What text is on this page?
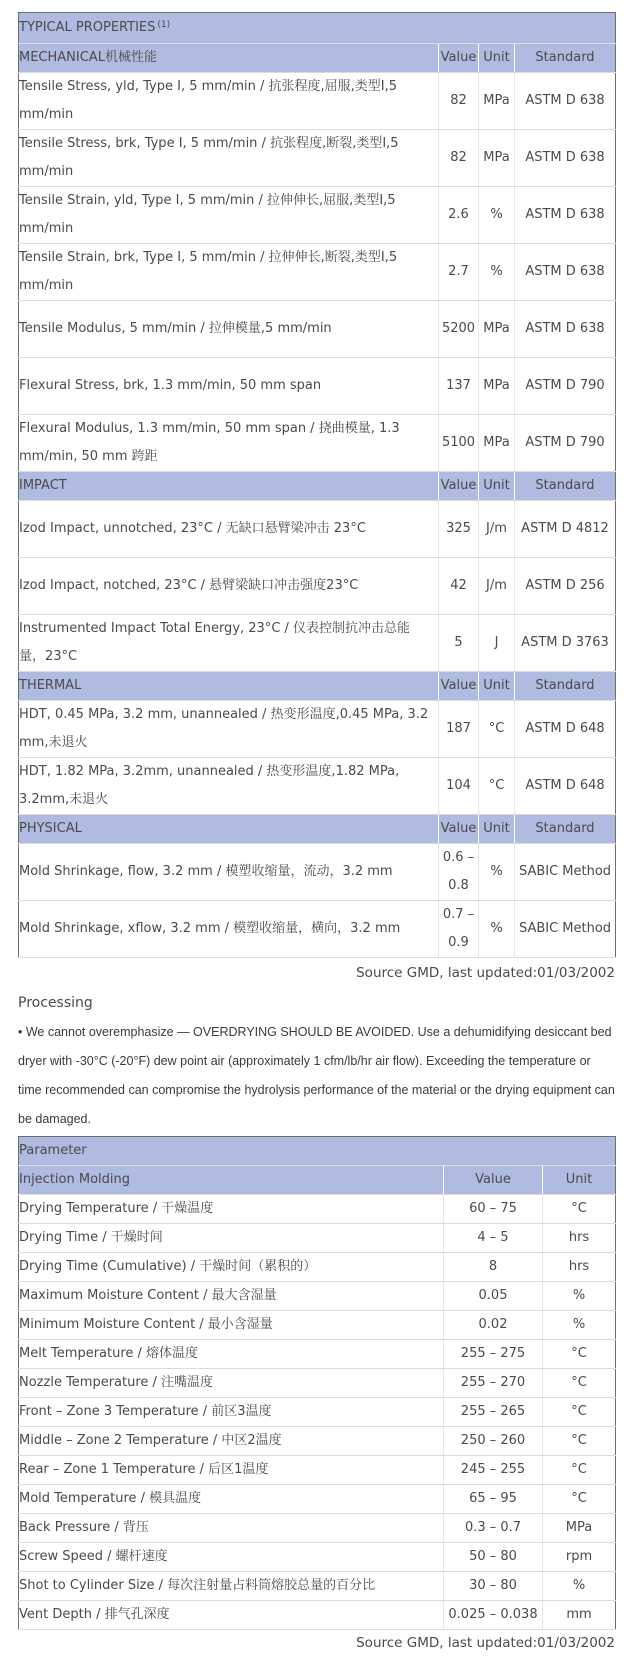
TYPICAL PROPERTIES $^{(1)}$
MECHANICAL机械性能	Value	Unit	Standard
Tensile Stress, yld, Type I, 5 mm/min / 抗张程度,屈服,类型I,5 mm/min	82	MPa	ASTM D 638
Tensile Stress, brk, Type I, 5 mm/min / 抗张程度,断裂,类型I,5 mm/min	82	MPa	ASTM D 638
Tensile Strain, yld, Type I, 5 mm/min / 拉伸伸长,屈服,类型I,5 mm/min	2.6	%	ASTM D 638
Tensile Strain, brk, Type I, 5 mm/min / 拉伸伸长,断裂,类型I,5 mm/min	2.7	%	ASTM D 638
Tensile Modulus, 5 mm/min / 拉伸模量,5 mm/min	5200	MPa	ASTM D 638
Flexural Stress, brk, 1.3 mm/min, 50 mm span	137	MPa	ASTM D 790
Flexural Modulus, 1.3 mm/min, 50 mm span / 挠曲模量, 1.3 mm/min, 50 mm 跨距	5100	MPa	ASTM D 790
IMPACT	Value	Unit	Standard
Izod Impact, unnotched, 23°C / 无缺口悬臂梁冲击 23°C	325	J/m	ASTM D 4812
Izod Impact, notched, 23°C / 悬臂梁缺口冲击强度23°C	42	J/m	ASTM D 256
Instrumented Impact Total Energy, 23°C / 仪表控制抗冲击总能量，23°C	5	J	ASTM D 3763
THERMAL	Value	Unit	Standard
HDT, 0.45 MPa, 3.2 mm, unannealed / 热变形温度,0.45 MPa, 3.2 mm,未退火	187	°C	ASTM D 648
HDT, 1.82 MPa, 3.2mm, unannealed / 热变形温度,1.82 MPa, 3.2mm,未退火	104	°C	ASTM D 648
PHYSICAL	Value	Unit	Standard
Mold Shrinkage, flow, 3.2 mm / 模塑收缩量，流动，3.2 mm	0.6 – 0.8	%	SABIC Method
Mold Shrinkage, xflow, 3.2 mm / 模塑收缩量，横向，3.2 mm	0.7 – 0.9	%	SABIC Method
Source GMD, last updated:01/03/2002
Processing
• We cannot overemphasize — OVERDRYING SHOULD BE AVOIDED. Use a dehumidifying desiccant bed dryer with -30°C (-20°F) dew point air (approximately 1 cfm/lb/hr air flow). Exceeding the temperature or time recommended can compromise the hydrolysis performance of the material or the drying equipment can be damaged.
Parameter		
Injection Molding	Value	Unit
Drying Temperature / 干燥温度	60 – 75	°C
Drying Time / 干燥时间	4 – 5	hrs
Drying Time (Cumulative) / 干燥时间（累积的）	8	hrs
Maximum Moisture Content / 最大含湿量	0.05	%
Minimum Moisture Content / 最小含湿量	0.02	%
Melt Temperature / 熔体温度	255 – 275	°C
Nozzle Temperature / 注嘴温度	255 – 270	°C
Front – Zone 3 Temperature / 前区3温度	255 – 265	°C
Middle – Zone 2 Temperature / 中区2温度	250 – 260	°C
Rear – Zone 1 Temperature / 后区1温度	245 – 255	°C
Mold Temperature / 模具温度	65 – 95	°C
Back Pressure / 背压	0.3 – 0.7	MPa
Screw Speed / 螺杆速度	50 – 80	rpm
Shot to Cylinder Size / 每次注射量占料筒熔胶总量的百分比	30 – 80	%
Vent Depth / 排气孔深度	0.025 – 0.038	mm
Source GMD, last updated:01/03/2002
